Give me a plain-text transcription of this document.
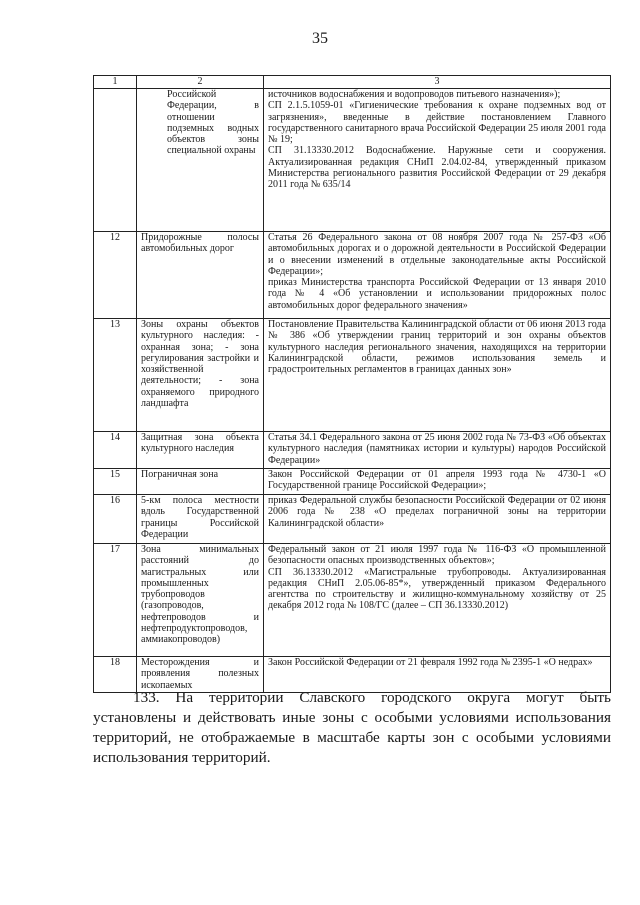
35
1	2	3
	Российской Федерации, в отношении подземных водных объектов зоны специальной охраны	источников водоснабжения и водопроводов питьевого назначения»);
СП 2.1.5.1059-01 «Гигиенические требования к охране подземных вод от загрязнения», введенные в действие постановлением Главного государственного санитарного врача Российской Федерации 25 июля 2001 года № 19;
СП 31.13330.2012 Водоснабжение. Наружные сети и сооружения. Актуализированная редакция СНиП 2.04.02-84, утвержденный приказом Министерства регионального развития Российской Федерации от 29 декабря 2011 года № 635/14

12	Придорожные полосы автомобильных дорог	Статья 26 Федерального закона от 08 ноября 2007 года № 257-ФЗ «Об автомобильных дорогах и о дорожной деятельности в Российской Федерации и о внесении изменений в отдельные законодательные акты Российской Федерации»;
приказ Министерства транспорта Российской Федерации от 13 января 2010 года № 4 «Об установлении и использовании придорожных полос автомобильных дорог федерального значения»

13	Зоны охраны объектов культурного наследия: - охранная зона; - зона регулирования застройки и хозяйственной деятельности; - зона охраняемого природного ландшафта	Постановление Правительства Калининградской области от 06 июня 2013 года № 386 «Об утверждении границ территорий и зон охраны объектов культурного наследия регионального значения, находящихся на территории Калининградской области, режимов использования земель и градостроительных регламентов в границах данных зон»

14	Защитная зона объекта культурного наследия	Статья 34.1 Федерального закона от 25 июня 2002 года № 73-ФЗ «Об объектах культурного наследия (памятниках истории и культуры) народов Российской Федерации»

15	Пограничная зона	Закон Российской Федерации от 01 апреля 1993 года № 4730-1 «О Государственной границе Российской Федерации»;

16	5-км полоса местности вдоль Государственной границы Российской Федерации	приказ Федеральной службы безопасности Российской Федерации от 02 июня 2006 года № 238 «О пределах пограничной зоны на территории Калининградской области»

17	Зона минимальных расстояний до магистральных или промышленных трубопроводов (газопроводов, нефтепроводов и нефтепродуктопроводов, аммиакопроводов)	Федеральный закон от 21 июля 1997 года № 116-ФЗ «О промышленной безопасности опасных производственных объектов»;
СП 36.13330.2012 «Магистральные трубопроводы. Актуализированная редакция СНиП 2.05.06-85*», утвержденный приказом Федерального агентства по строительству и жилищно-коммунальному хозяйству от 25 декабря 2012 года № 108/ГС (далее – СП 36.13330.2012)

18	Месторождения и проявления полезных ископаемых	Закон Российской Федерации от 21 февраля 1992 года № 2395-1 «О недрах»

133. На территории Славского городского округа могут быть установлены и действовать иные зоны с особыми условиями использования территорий, не отображаемые в масштабе карты зон с особыми условиями использования территорий.
